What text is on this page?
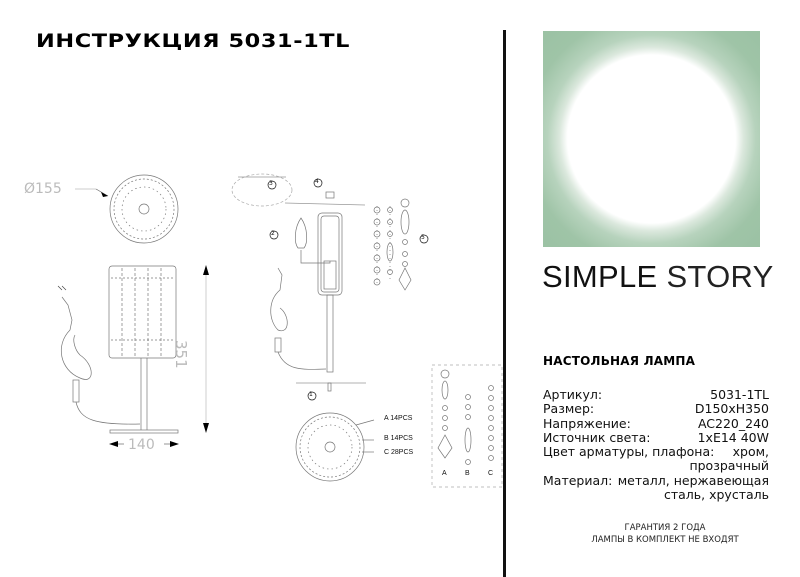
ИНСТРУКЦИЯ 5031-1TL
Ø155
351
140
1
2
3	4
5
A 14PCS
B 14PCS
C 28PCS
A	B	C
SIMPLE STORY
НАСТОЛЬНАЯ ЛАМПА
Артикул:	5031-1TL
Размер:	D150xH350
Напряжение:	AC220_240
Источник света:	1xE14 40W
Цвет арматуры, плафона: хром,
прозрачный
Материал: металл, нержавеющая
сталь, хрусталь
ГАРАНТИЯ 2 ГОДА
ЛАМПЫ В КОМПЛЕКТ НЕ ВХОДЯТ
